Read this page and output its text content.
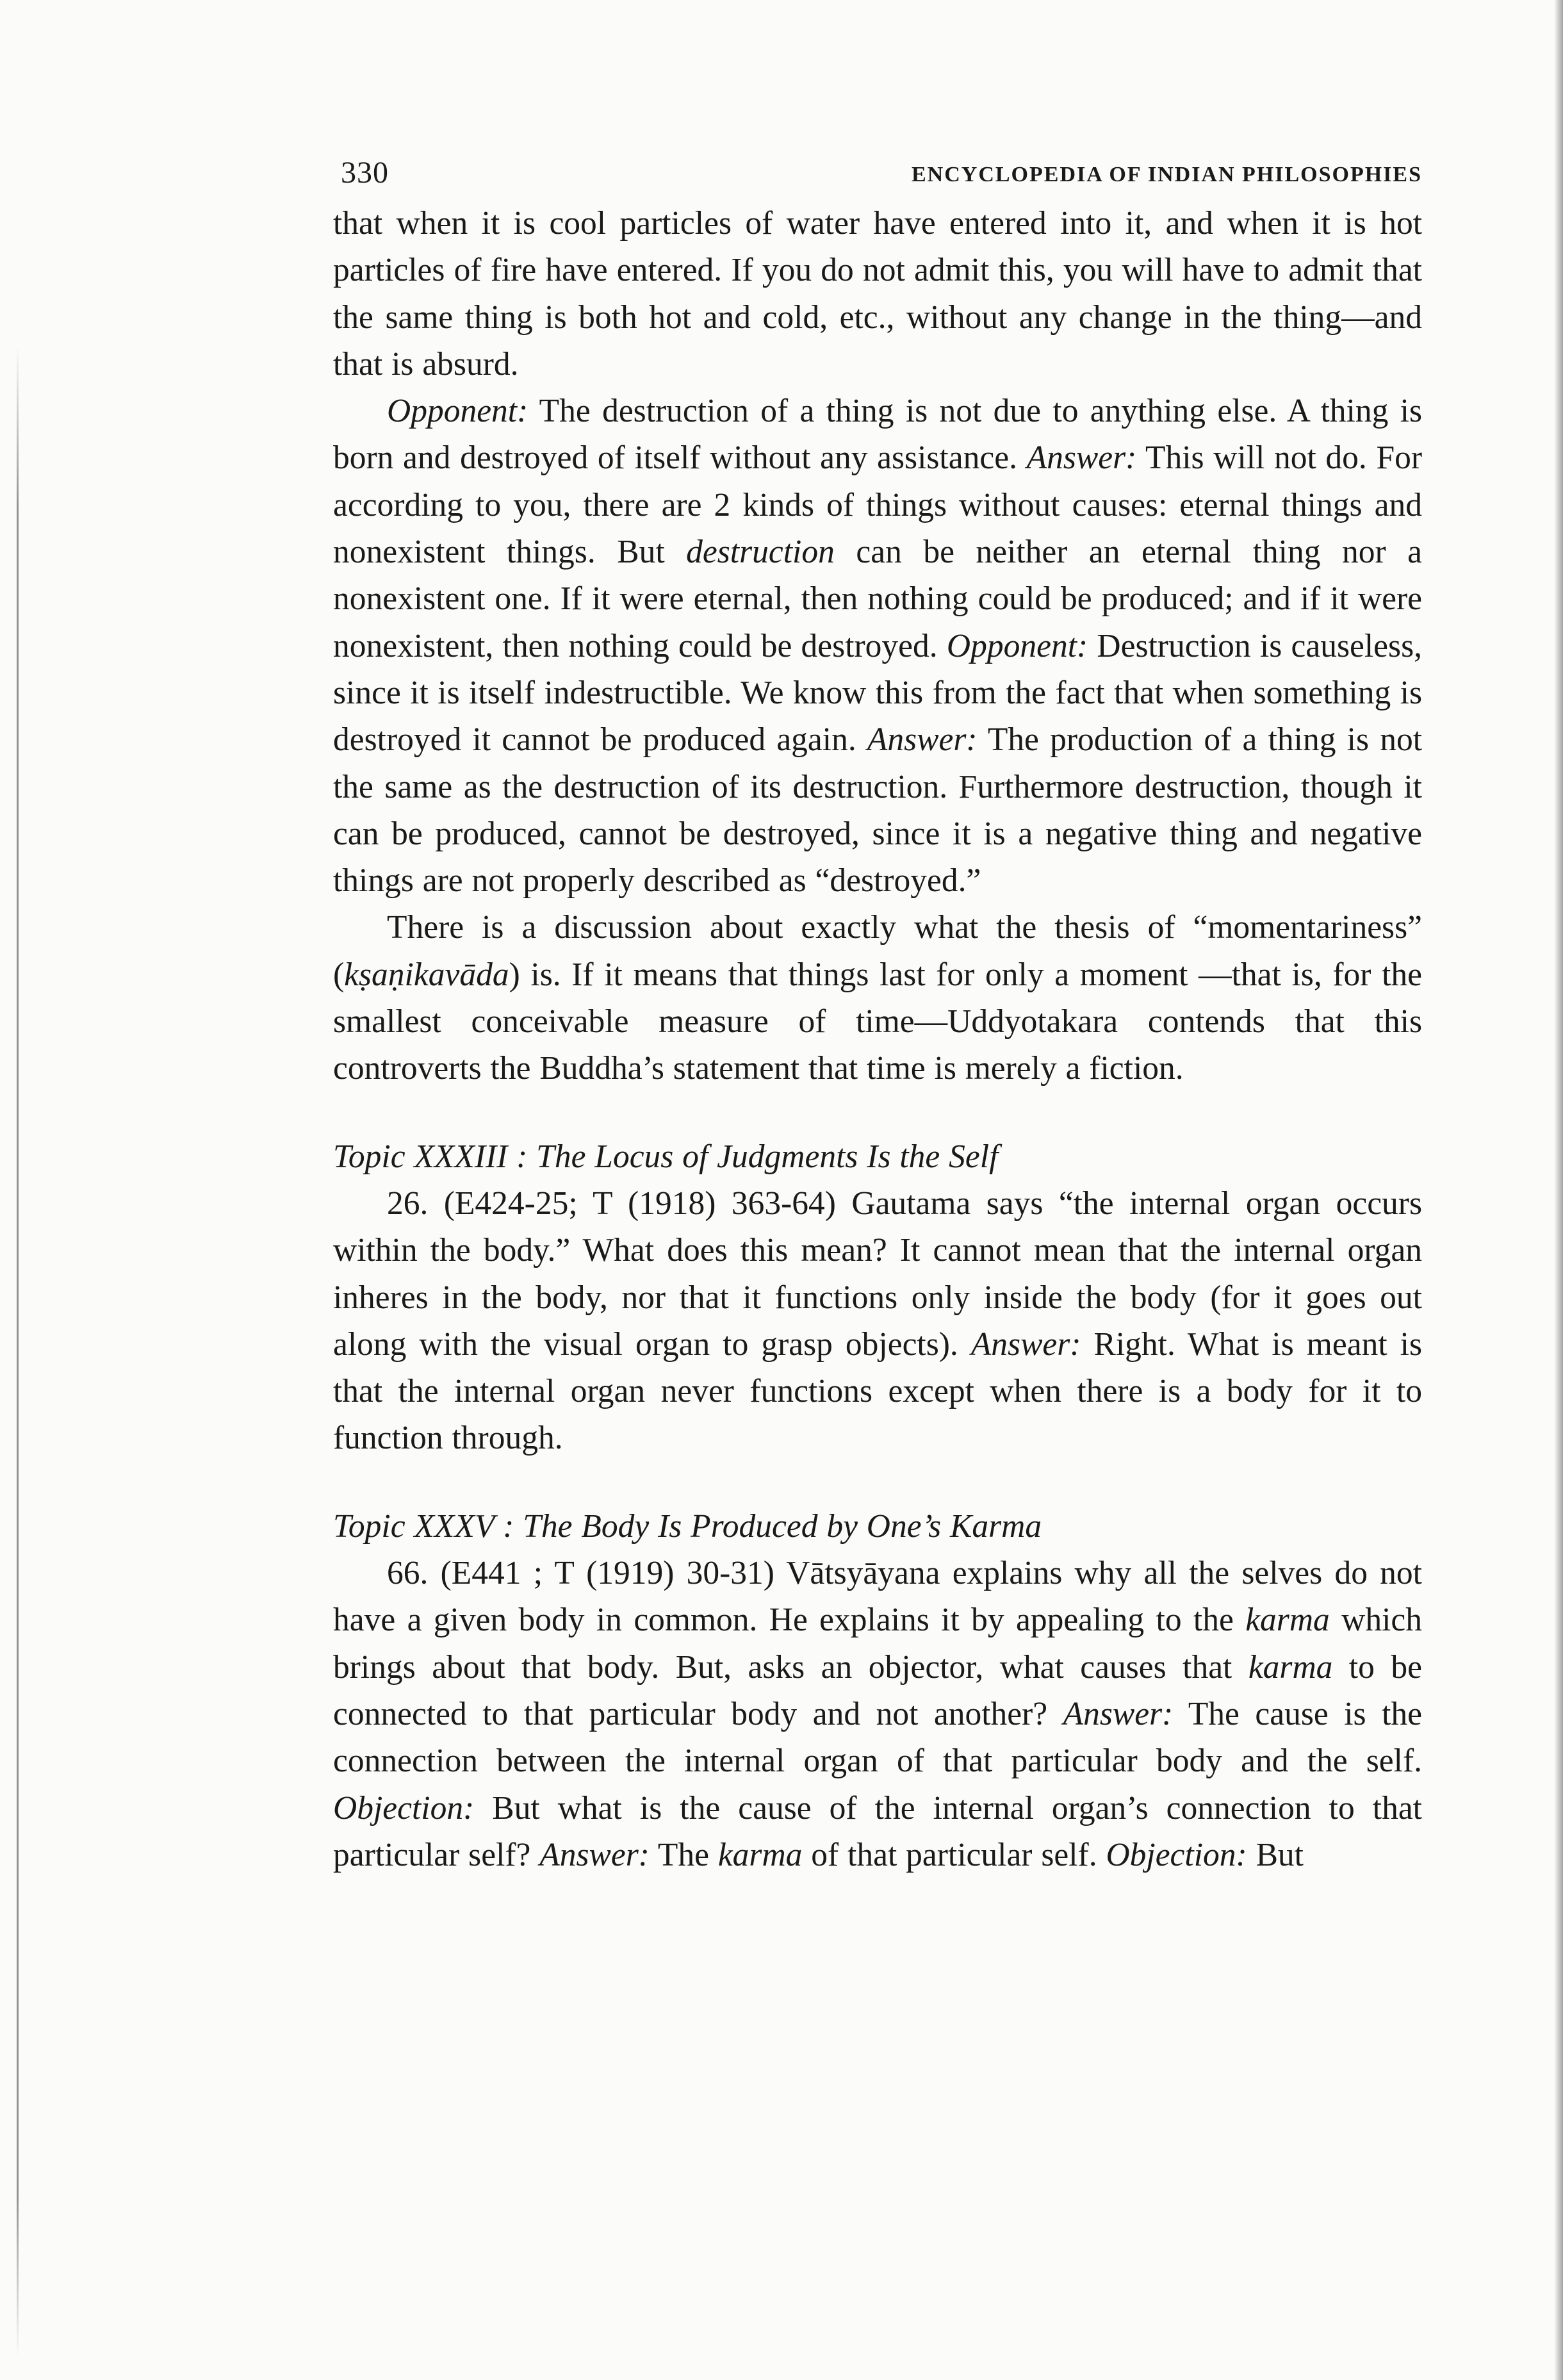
330	ENCYCLOPEDIA OF INDIAN PHILOSOPHIES

that when it is cool particles of water have entered into it, and when it is hot particles of fire have entered. If you do not admit this, you will have to admit that the same thing is both hot and cold, etc., without any change in the thing—and that is absurd.

Opponent: The destruction of a thing is not due to anything else. A thing is born and destroyed of itself without any assistance. Answer: This will not do. For according to you, there are 2 kinds of things without causes: eternal things and nonexistent things. But destruction can be neither an eternal thing nor a nonexistent one. If it were eternal, then nothing could be produced; and if it were nonexistent, then nothing could be destroyed. Opponent: Destruction is causeless, since it is itself indestructible. We know this from the fact that when something is destroyed it cannot be produced again. Answer: The production of a thing is not the same as the destruction of its destruction. Furthermore destruction, though it can be produced, cannot be destroyed, since it is a negative thing and negative things are not properly described as “destroyed.”

There is a discussion about exactly what the thesis of “momentariness” (kṣaṇikavāda) is. If it means that things last for only a moment —that is, for the smallest conceivable measure of time—Uddyotakara contends that this controverts the Buddha’s statement that time is merely a fiction.

Topic XXXIII : The Locus of Judgments Is the Self

26. (E424-25; T (1918) 363-64) Gautama says “the internal organ occurs within the body.” What does this mean? It cannot mean that the internal organ inheres in the body, nor that it functions only inside the body (for it goes out along with the visual organ to grasp objects). Answer: Right. What is meant is that the internal organ never functions except when there is a body for it to function through.

Topic XXXV : The Body Is Produced by One’s Karma

66. (E441 ; T (1919) 30-31) Vātsyāyana explains why all the selves do not have a given body in common. He explains it by appealing to the karma which brings about that body. But, asks an objector, what causes that karma to be connected to that particular body and not another? Answer: The cause is the connection between the internal organ of that particular body and the self. Objection: But what is the cause of the internal organ’s connection to that particular self? Answer: The karma of that particular self. Objection: But
